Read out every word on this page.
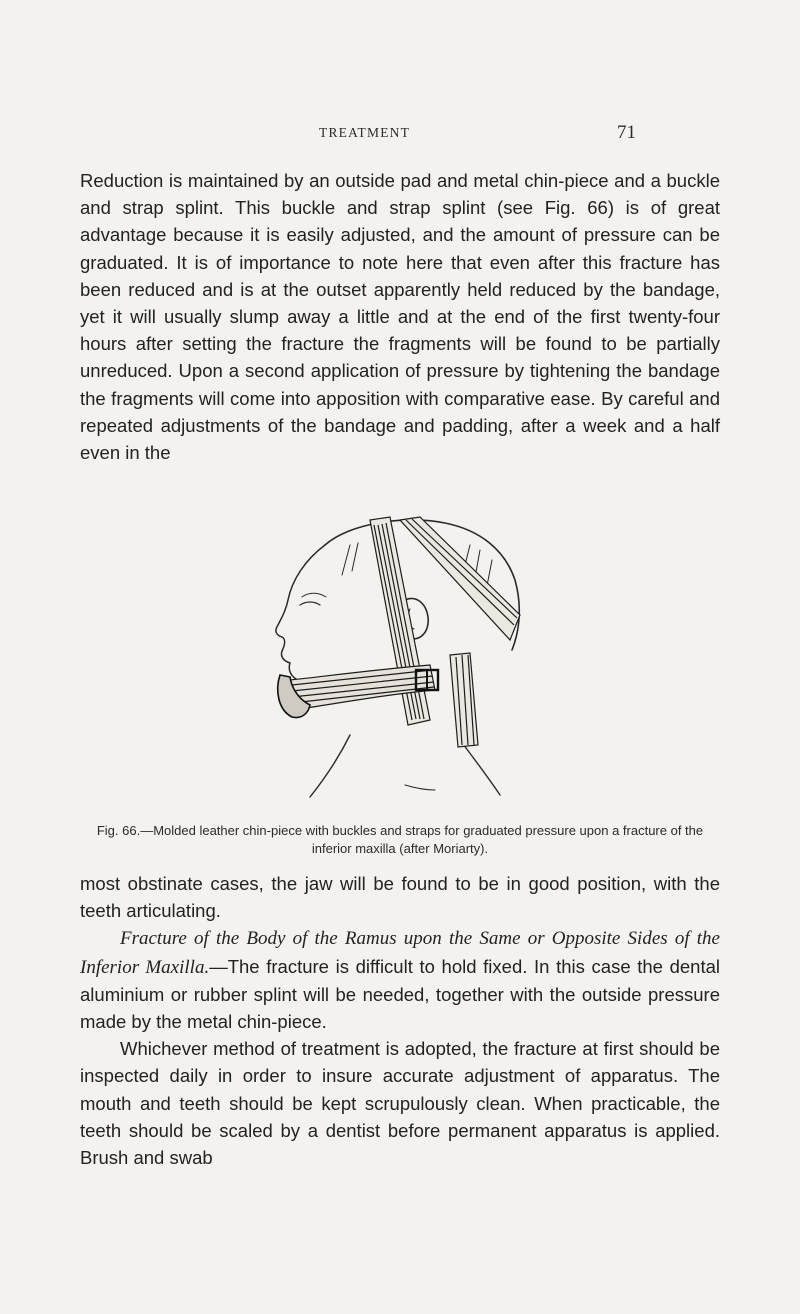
TREATMENT	71

Reduction is maintained by an outside pad and metal chin-piece and a buckle and strap splint. This buckle and strap splint (see Fig. 66) is of great advantage because it is easily adjusted, and the amount of pressure can be graduated. It is of importance to note here that even after this fracture has been reduced and is at the outset apparently held reduced by the bandage, yet it will usually slump away a little and at the end of the first twenty-four hours after setting the fracture the fragments will be found to be partially unreduced. Upon a second application of pressure by tightening the bandage the fragments will come into apposition with comparative ease. By careful and repeated adjustments of the bandage and padding, after a week and a half even in the

Fig. 66.—Molded leather chin-piece with buckles and straps for graduated pressure upon a fracture of the inferior maxilla (after Moriarty).

most obstinate cases, the jaw will be found to be in good position, with the teeth articulating.

Fracture of the Body of the Ramus upon the Same or Opposite Sides of the Inferior Maxilla.—The fracture is difficult to hold fixed. In this case the dental aluminium or rubber splint will be needed, together with the outside pressure made by the metal chin-piece.

Whichever method of treatment is adopted, the fracture at first should be inspected daily in order to insure accurate adjustment of apparatus. The mouth and teeth should be kept scrupulously clean. When practicable, the teeth should be scaled by a dentist before permanent apparatus is applied. Brush and swab
